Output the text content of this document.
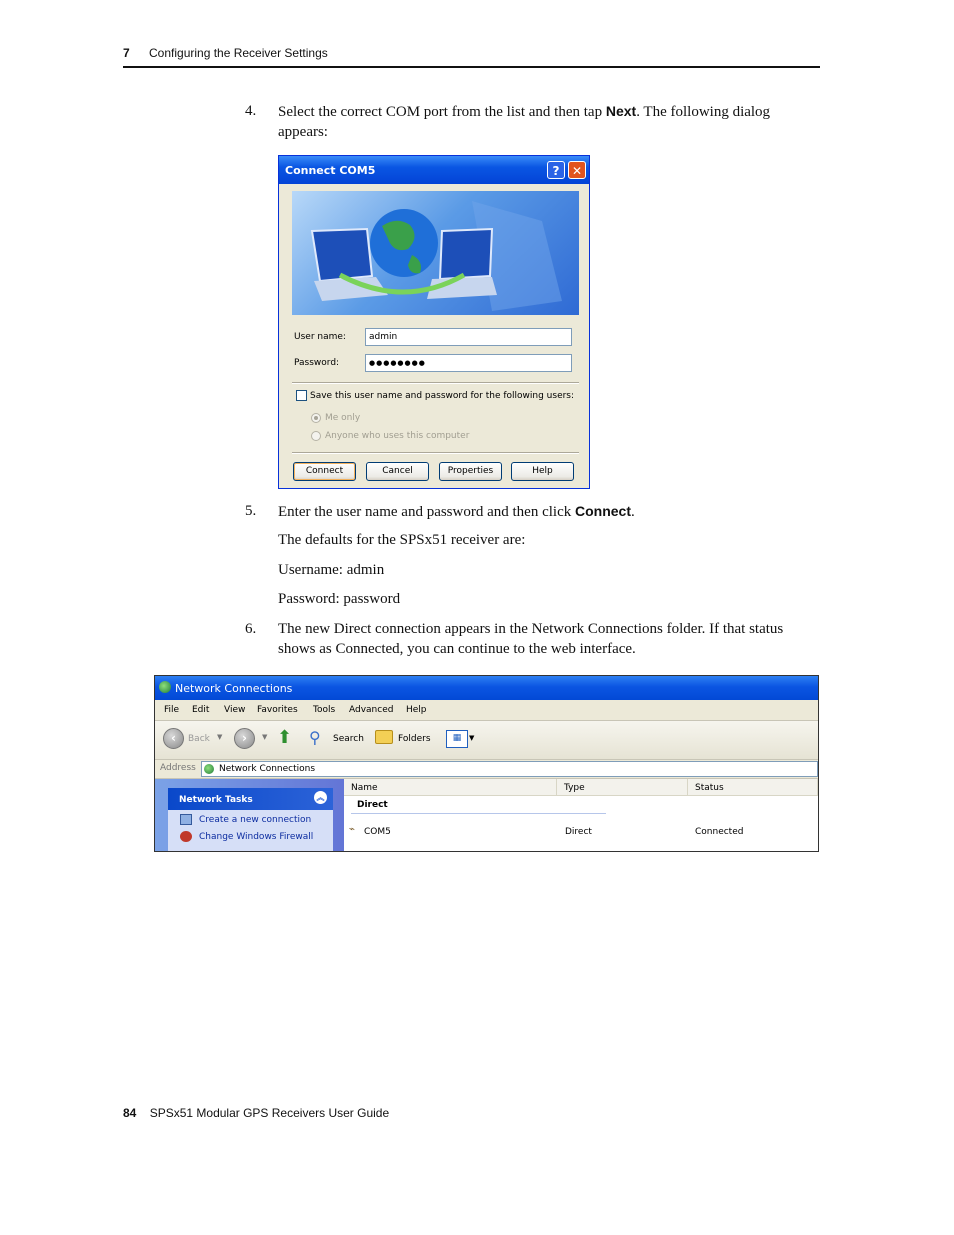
7 Configuring the Receiver Settings
4. Select the correct COM port from the list and then tap Next. The following dialog appears:
Connect COM5	?	✕
User name:	admin
Password:	●●●●●●●●
Save this user name and password for the following users:
Me only
Anyone who uses this computer
Connect	Cancel	Properties	Help
5. Enter the user name and password and then click Connect.
The defaults for the SPSx51 receiver are:
Username: admin
Password: password
6. The new Direct connection appears in the Network Connections folder. If that status shows as Connected, you can continue to the web interface.
Network Connections
File Edit View Favorites Tools Advanced Help
‹	Back ▼	›	▼ ⬆ ⚲ Search	Folders	▦	▼
Address	Network Connections
Network Tasks	︽
Create a new connection
Change Windows Firewall
Name	Type	Status
Direct
⌁ COM5	Direct	Connected
84 SPSx51 Modular GPS Receivers User Guide
